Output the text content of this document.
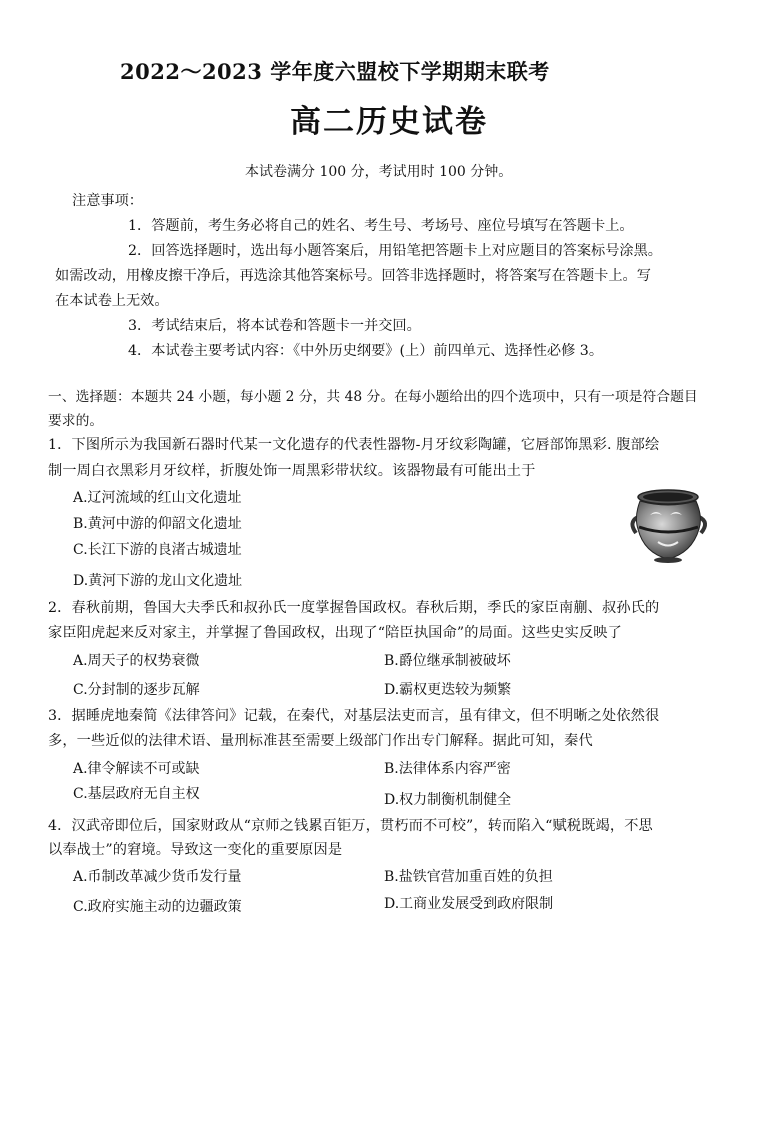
2022～2023 学年度六盟校下学期期末联考
高二历史试卷
本试卷满分 100 分，考试用时 100 分钟。
注意事项：
1．答题前，考生务必将自己的姓名、考生号、考场号、座位号填写在答题卡上。
2．回答选择题时，选出每小题答案后，用铅笔把答题卡上对应题目的答案标号涂黑。
如需改动，用橡皮擦干净后，再选涂其他答案标号。回答非选择题时，将答案写在答题卡上。写
在本试卷上无效。
3．考试结束后，将本试卷和答题卡一并交回。
4．本试卷主要考试内容：《中外历史纲要》(上）前四单元、选择性必修 3。
一、选择题：本题共 24 小题，每小题 2 分，共 48 分。在每小题给出的四个选项中，只有一项是符合题目
要求的。
1．下图所示为我国新石器时代某一文化遗存的代表性器物-月牙纹彩陶罐，它唇部饰黑彩. 腹部绘
制一周白衣黑彩月牙纹样，折腹处饰一周黑彩带状纹。该器物最有可能出土于
A.辽河流域的红山文化遗址
B.黄河中游的仰韶文化遗址
C.长江下游的良渚古城遗址
D.黄河下游的龙山文化遗址
2．春秋前期，鲁国大夫季氏和叔孙氏一度掌握鲁国政权。春秋后期，季氏的家臣南蒯、叔孙氏的
家臣阳虎起来反对家主，并掌握了鲁国政权，出现了“陪臣执国命”的局面。这些史实反映了
A.周天子的权势衰微	B.爵位继承制被破坏
C.分封制的逐步瓦解	D.霸权更迭较为频繁
3．据睡虎地秦简《法律答问》记载，在秦代，对基层法吏而言，虽有律文，但不明晰之处依然很
多，一些近似的法律术语、量刑标准甚至需要上级部门作出专门解释。据此可知，秦代
A.律令解读不可或缺	B.法律体系内容严密
C.基层政府无自主权	D.权力制衡机制健全
4．汉武帝即位后，国家财政从“京师之钱累百钜万，贯朽而不可校”，转而陷入“赋税既竭，不思
以奉战士”的窘境。导致这一变化的重要原因是
A.币制改革减少货币发行量	B.盐铁官营加重百姓的负担
C.政府实施主动的边疆政策	D.工商业发展受到政府限制
